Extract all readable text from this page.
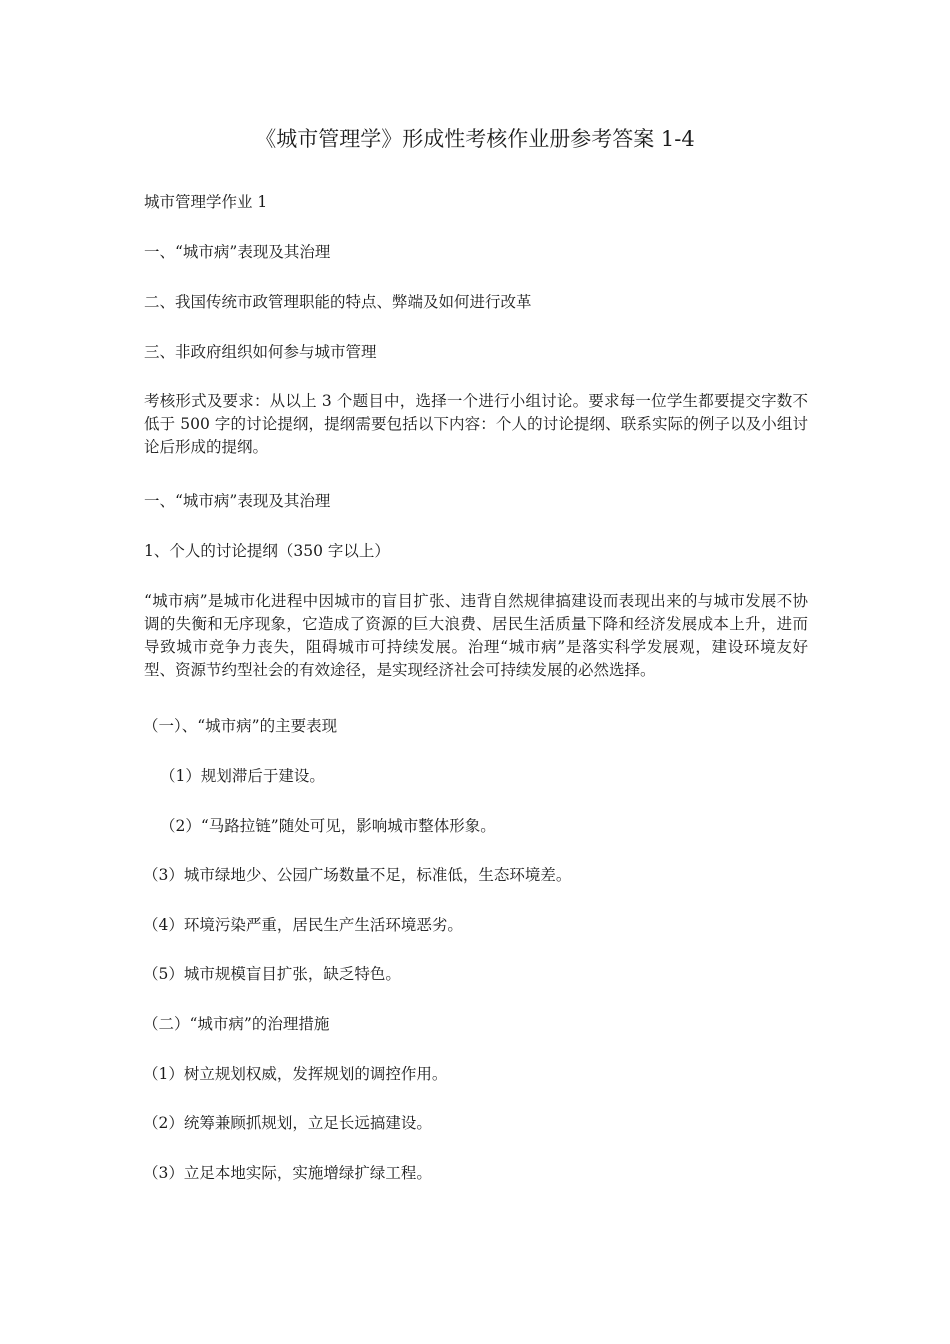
《城市管理学》形成性考核作业册参考答案 1-4
城市管理学作业 1
一、“城市病”表现及其治理
二、我国传统市政管理职能的特点、弊端及如何进行改革
三、非政府组织如何参与城市管理
考核形式及要求：从以上 3 个题目中，选择一个进行小组讨论。要求每一位学生都要提交字数不低于 500 字的讨论提纲，提纲需要包括以下内容：个人的讨论提纲、联系实际的例子以及小组讨论后形成的提纲。
一、“城市病”表现及其治理
1、个人的讨论提纲（350 字以上）
“城市病”是城市化进程中因城市的盲目扩张、违背自然规律搞建设而表现出来的与城市发展不协调的失衡和无序现象，它造成了资源的巨大浪费、居民生活质量下降和经济发展成本上升，进而导致城市竞争力丧失，阻碍城市可持续发展。治理“城市病”是落实科学发展观，建设环境友好型、资源节约型社会的有效途径，是实现经济社会可持续发展的必然选择。
（一）、“城市病”的主要表现
（1）规划滞后于建设。
（2）“马路拉链”随处可见，影响城市整体形象。
（3）城市绿地少、公园广场数量不足，标准低，生态环境差。
（4）环境污染严重，居民生产生活环境恶劣。
（5）城市规模盲目扩张，缺乏特色。
（二）“城市病”的治理措施
（1）树立规划权威，发挥规划的调控作用。
（2）统筹兼顾抓规划，立足长远搞建设。
（3）立足本地实际，实施增绿扩绿工程。
